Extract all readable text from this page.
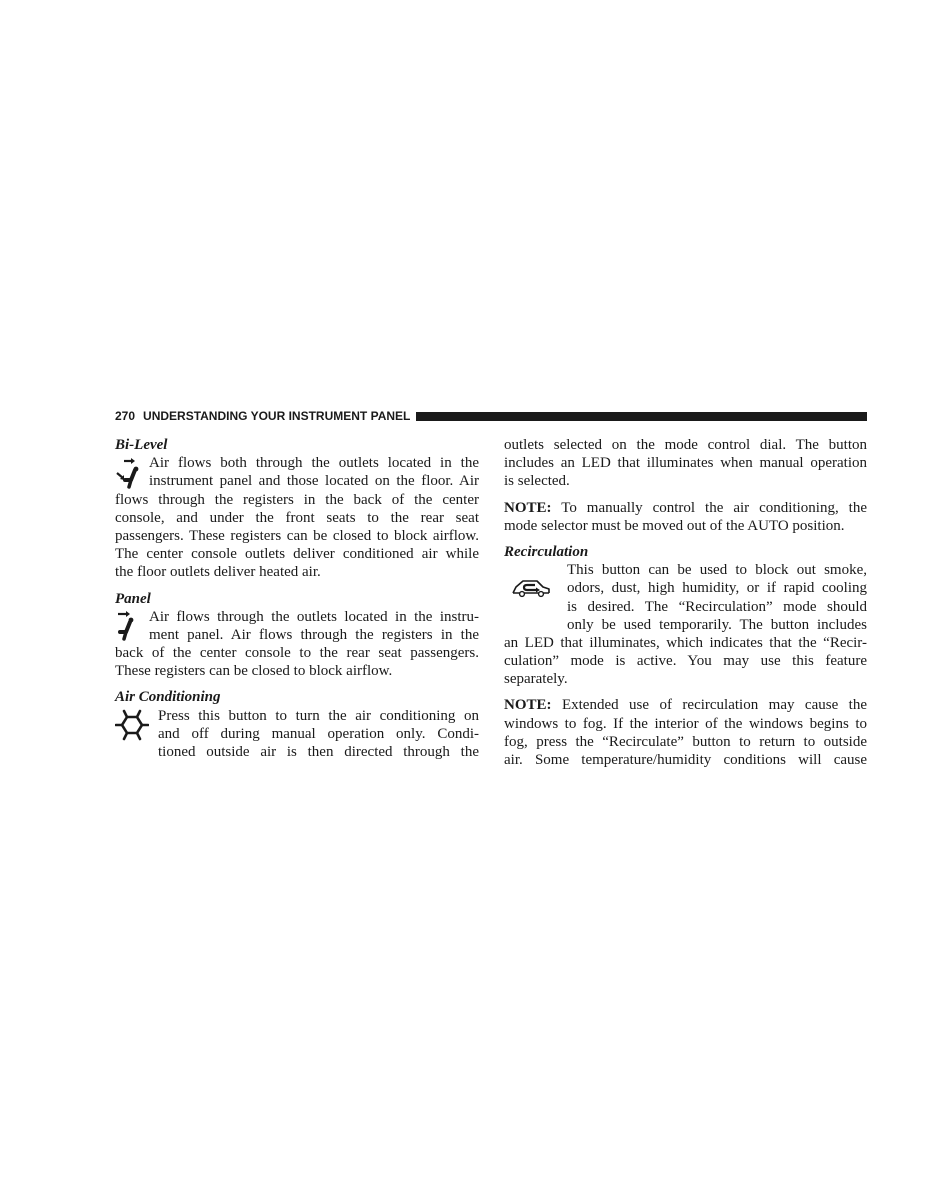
270 UNDERSTANDING YOUR INSTRUMENT PANEL

Bi-Level

Air flows both through the outlets located in the
instrument panel and those located on the floor. Air
flows through the registers in the back of the center
console, and under the front seats to the rear seat
passengers. These registers can be closed to block airflow.
The center console outlets deliver conditioned air while
the floor outlets deliver heated air.

Panel

Air flows through the outlets located in the instru-
ment panel. Air flows through the registers in the
back of the center console to the rear seat passengers.
These registers can be closed to block airflow.

Air Conditioning

Press this button to turn the air conditioning on
and off during manual operation only. Condi-
tioned outside air is then directed through the
outlets selected on the mode control dial. The button
includes an LED that illuminates when manual operation
is selected.
NOTE: To manually control the air conditioning, the
mode selector must be moved out of the AUTO position.

Recirculation

This button can be used to block out smoke,
odors, dust, high humidity, or if rapid cooling
is desired. The “Recirculation” mode should
only be used temporarily. The button includes
an LED that illuminates, which indicates that the “Recir-
culation” mode is active. You may use this feature
separately.
NOTE: Extended use of recirculation may cause the
windows to fog. If the interior of the windows begins to
fog, press the “Recirculate” button to return to outside
air. Some temperature/humidity conditions will cause
